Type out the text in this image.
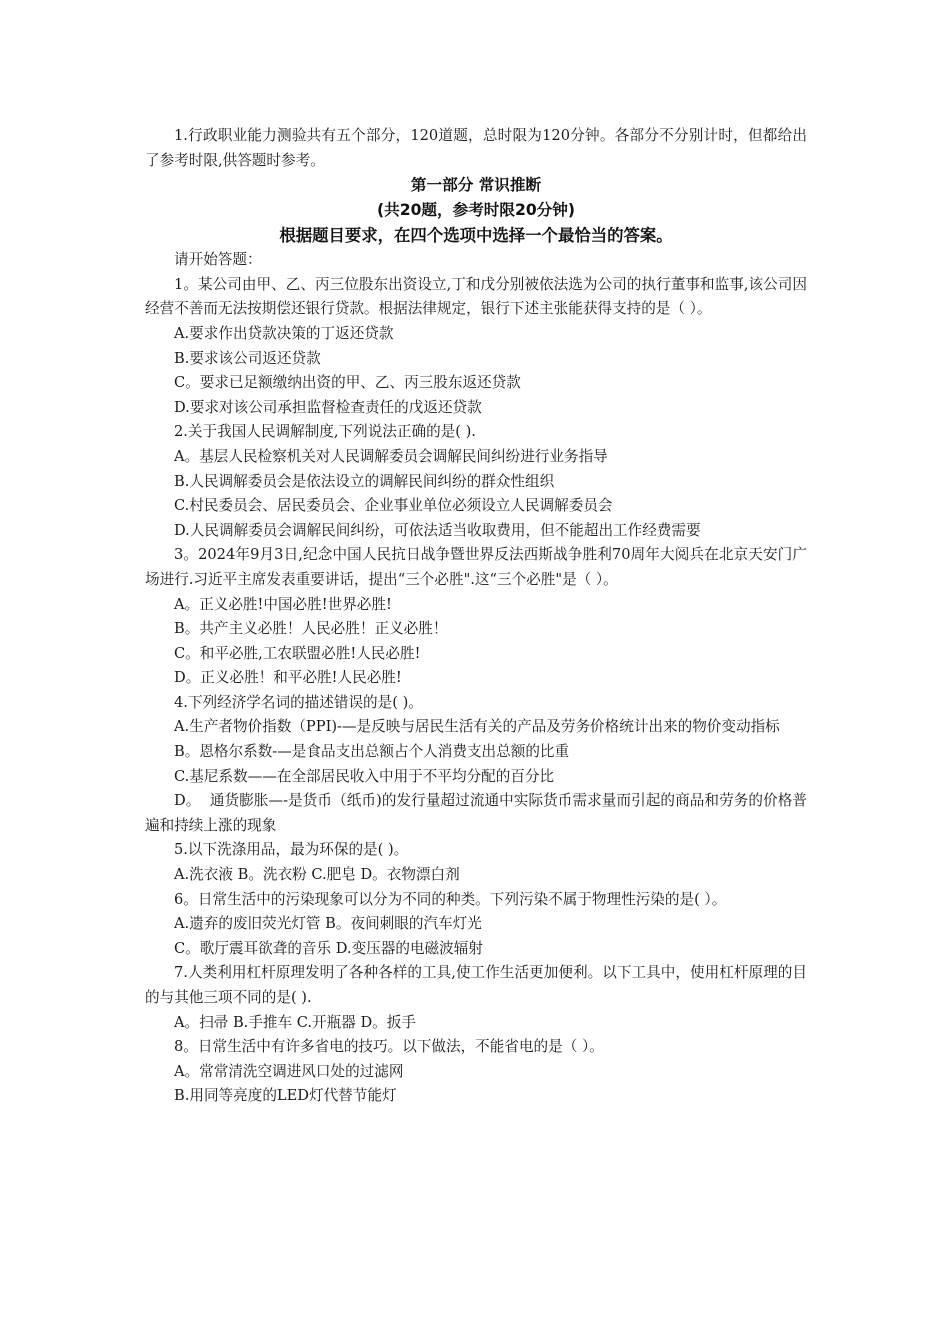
1.行政职业能力测验共有五个部分，120道题，总时限为120分钟。各部分不分别计时，但都给出了参考时限,供答题时参考。

第一部分 常识推断

(共20题，参考时限20分钟)

根据题目要求，在四个选项中选择一个最恰当的答案。

请开始答题：

1。某公司由甲、乙、丙三位股东出资设立,丁和戊分别被依法选为公司的执行董事和监事,该公司因经营不善而无法按期偿还银行贷款。根据法律规定，银行下述主张能获得支持的是（ ）。

A.要求作出贷款决策的丁返还贷款

B.要求该公司返还贷款

C。要求已足额缴纳出资的甲、乙、丙三股东返还贷款

D.要求对该公司承担监督检查责任的戊返还贷款

2.关于我国人民调解制度,下列说法正确的是( ).

A。基层人民检察机关对人民调解委员会调解民间纠纷进行业务指导

B.人民调解委员会是依法设立的调解民间纠纷的群众性组织

C.村民委员会、居民委员会、企业事业单位必须设立人民调解委员会

D.人民调解委员会调解民间纠纷，可依法适当收取费用，但不能超出工作经费需要

3。2024年9月3日,纪念中国人民抗日战争暨世界反法西斯战争胜利70周年大阅兵在北京天安门广场进行.习近平主席发表重要讲话，提出“三个必胜".这“三个必胜"是（ ）。

A。正义必胜!中国必胜!世界必胜!

B。共产主义必胜！人民必胜！正义必胜！

C。和平必胜,工农联盟必胜!人民必胜!

D。正义必胜！和平必胜!人民必胜!

4.下列经济学名词的描述错误的是( )。

A.生产者物价指数（PPI)-—是反映与居民生活有关的产品及劳务价格统计出来的物价变动指标

B。恩格尔系数-—是食品支出总额占个人消费支出总额的比重

C.基尼系数——在全部居民收入中用于不平均分配的百分比

D。  通货膨胀—-是货币（纸币)的发行量超过流通中实际货币需求量而引起的商品和劳务的价格普遍和持续上涨的现象

5.以下洗涤用品，最为环保的是( )。

A.洗衣液 B。洗衣粉 C.肥皂 D。衣物漂白剂

6。日常生活中的污染现象可以分为不同的种类。下列污染不属于物理性污染的是( ）。

A.遗弃的废旧荧光灯管 B。夜间刺眼的汽车灯光

C。歌厅震耳欲聋的音乐 D.变压器的电磁波辐射

7.人类利用杠杆原理发明了各种各样的工具,使工作生活更加便利。以下工具中，使用杠杆原理的目的与其他三项不同的是( ).

A。扫帚 B.手推车 C.开瓶器 D。扳手

8。日常生活中有许多省电的技巧。以下做法，不能省电的是（ ）。

A。常常清洗空调进风口处的过滤网

B.用同等亮度的LED灯代替节能灯
